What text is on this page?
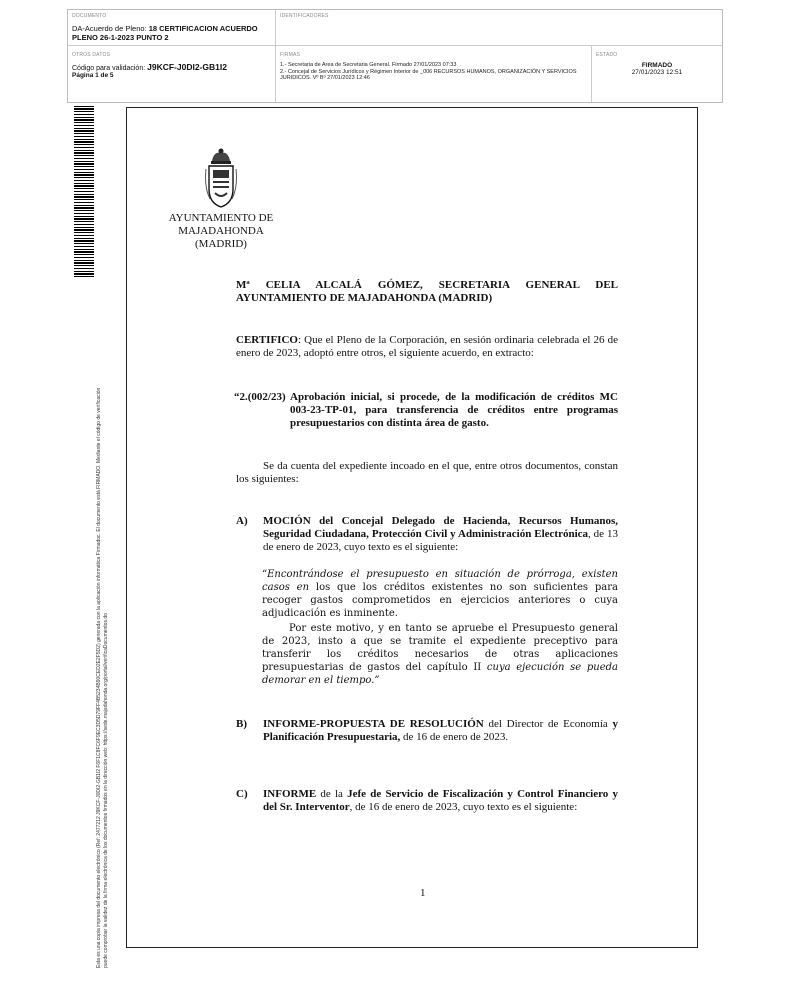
DOCUMENTO
DA-Acuerdo de Pleno: 18 CERTIFICACION ACUERDO PLENO 26-1-2023 PUNTO 2
IDENTIFICADORES
OTROS DATOS
Código para validación: J9KCF-J0DI2-GB1I2
Página 1 de 5
FIRMAS
1.- Secretaria de Area de Secretaria General. Firmado 27/01/2023 07:33
2.- Concejal de Servicios Jurídicos y Régimen Interior de _006 RECURSOS HUMANOS, ORGANIZACIÓN Y SERVICIOS JURIDICOS. Vº Bº 27/01/2023 12:46
ESTADO
FIRMADO
27/01/2023 12:51
Esta es una copia impresa del documento electrónico (Ref: 2477212 J9KCF-J0DI2-GB1I2 F6F1C8FC6F9EC3D5D79FF4B5234B90CED2E2F5D2) generada con la aplicación informática Firmadoc. El documento está FIRMADO. Mediante el código de verificación puede comprobar la validez de la firma electrónica de los documentos firmados en la dirección web: https://sede.majadahonda.org/portal/verificaDocumentos.do
AYUNTAMIENTO DE
MAJADAHONDA
(MADRID)
Mª CELIA ALCALÁ GÓMEZ, SECRETARIA GENERAL DEL AYUNTAMIENTO DE MAJADAHONDA (MADRID)
CERTIFICO: Que el Pleno de la Corporación, en sesión ordinaria celebrada el 26 de enero de 2023, adoptó entre otros, el siguiente acuerdo, en extracto:
“2.(002/23) Aprobación inicial, si procede, de la modificación de créditos MC 003-23-TP-01, para transferencia de créditos entre programas presupuestarios con distinta área de gasto.
Se da cuenta del expediente incoado en el que, entre otros documentos, constan los siguientes:
A)	MOCIÓN del Concejal Delegado de Hacienda, Recursos Humanos, Seguridad Ciudadana, Protección Civil y Administración Electrónica, de 13 de enero de 2023, cuyo texto es el siguiente:
“Encontrándose el presupuesto en situación de prórroga, existen casos en los que los créditos existentes no son suficientes para recoger gastos comprometidos en ejercicios anteriores o cuya adjudicación es inminente.
Por este motivo, y en tanto se apruebe el Presupuesto general de 2023, insto a que se tramite el expediente preceptivo para transferir los créditos necesarios de otras aplicaciones presupuestarias de gastos del capítulo II cuya ejecución se pueda demorar en el tiempo.”
B)	INFORME-PROPUESTA DE RESOLUCIÓN del Director de Economía y Planificación Presupuestaria, de 16 de enero de 2023.
C)	INFORME de la Jefe de Servicio de Fiscalización y Control Financiero y del Sr. Interventor, de 16 de enero de 2023, cuyo texto es el siguiente:
1
